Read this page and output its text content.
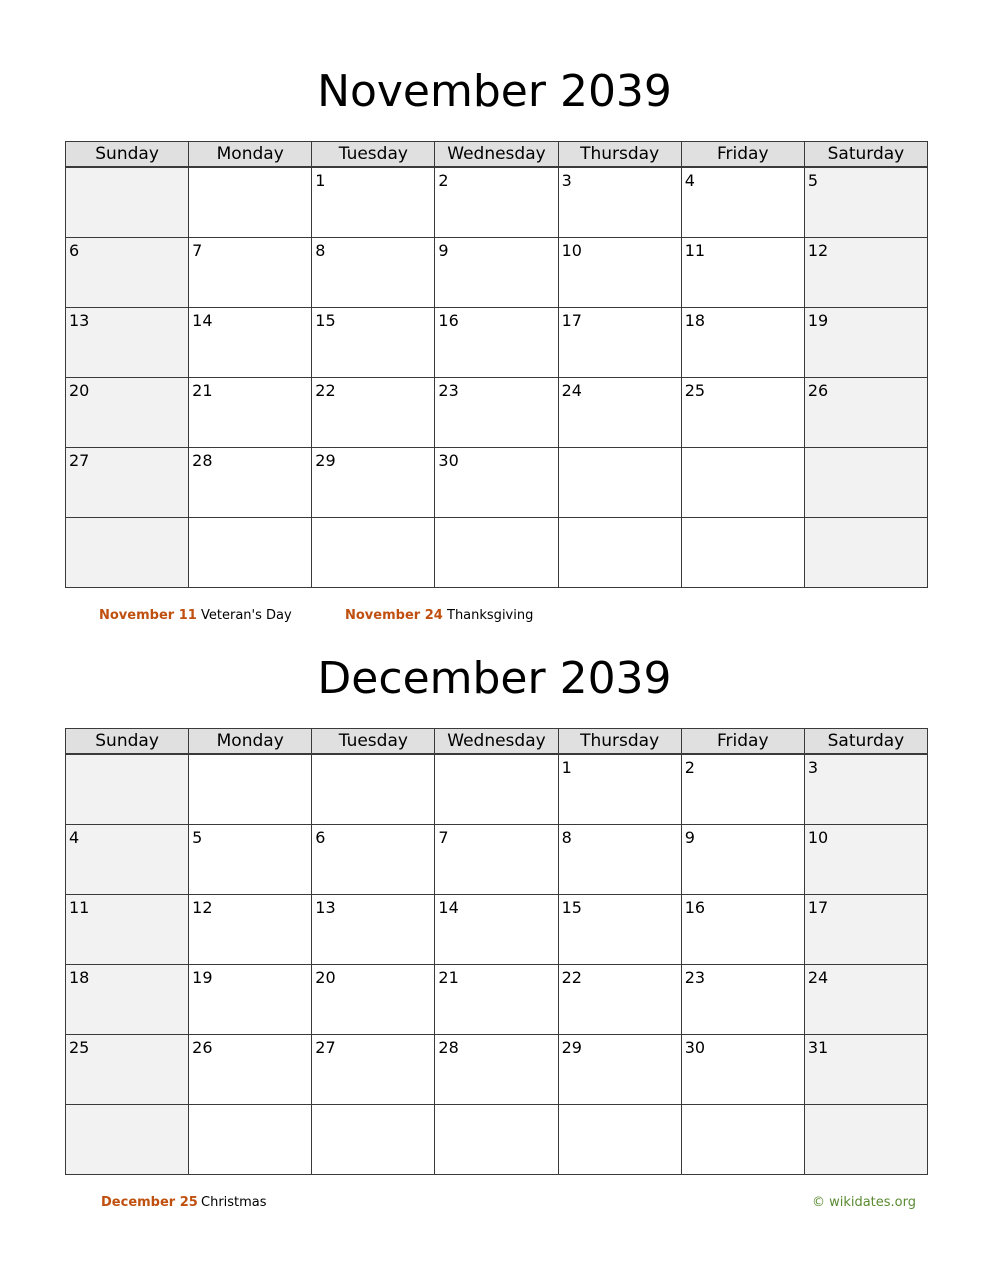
November 2039
Sunday	Monday	Tuesday	Wednesday	Thursday	Friday	Saturday

		1	2	3	4	5

6	7	8	9	10	11	12

13	14	15	16	17	18	19

20	21	22	23	24	25	26

27	28	29	30			

November 11 Veteran's Day	November 24 Thanksgiving
December 2039
Sunday	Monday	Tuesday	Wednesday	Thursday	Friday	Saturday

				1	2	3

4	5	6	7	8	9	10

11	12	13	14	15	16	17

18	19	20	21	22	23	24

25	26	27	28	29	30	31

December 25 Christmas	© wikidates.org
